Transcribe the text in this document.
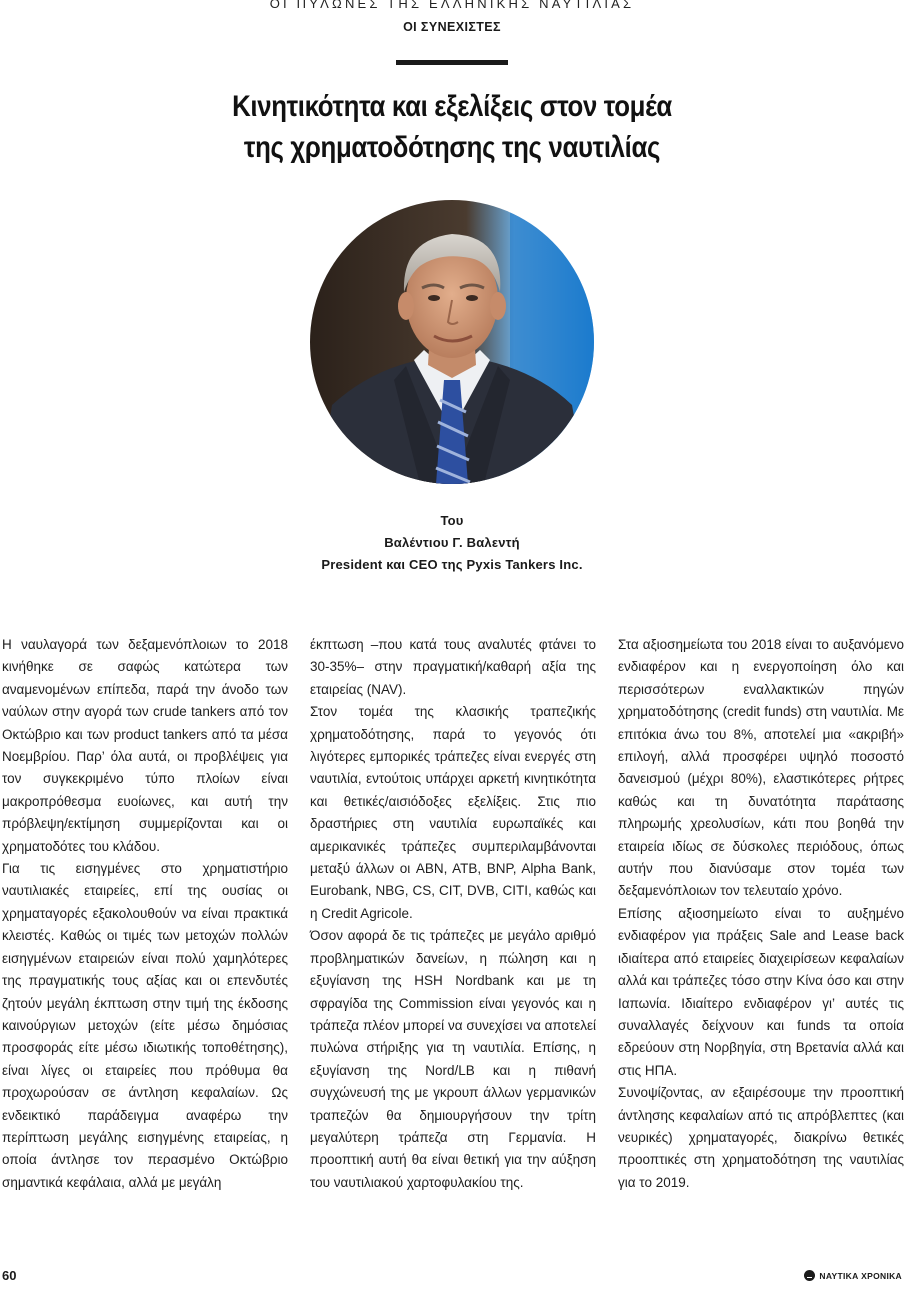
ΟΙ ΠΥΛΩΝΕΣ ΤΗΣ ΕΛΛΗΝΙΚΗΣ ΝΑΥΤΙΛΙΑΣ
ΟΙ ΣΥΝΕΧΙΣΤΕΣ
Κινητικότητα και εξελίξεις στον τομέα
της χρηματοδότησης της ναυτιλίας
Του
Βαλέντιου Γ. Βαλεντή
President και CEO της Pyxis Tankers Inc.

Η ναυλαγορά των δεξαμενόπλοιων το 2018 κινήθηκε σε σαφώς κατώτερα των αναμενομένων επίπεδα, παρά την άνοδο των ναύλων στην αγορά των crude tankers από τον Οκτώβριο και των product tankers από τα μέσα Νοεμβρίου. Παρ’ όλα αυτά, οι προβλέψεις για τον συγκεκριμένο τύπο πλοίων είναι μακροπρόθεσμα ευοίωνες, και αυτή την πρόβλεψη/εκτίμηση συμμερίζονται και οι χρηματοδότες του κλάδου.

Για τις εισηγμένες στο χρηματιστήριο ναυτιλιακές εταιρείες, επί της ουσίας οι χρηματαγορές εξακολουθούν να είναι πρακτικά κλειστές. Καθώς οι τιμές των μετοχών πολλών εισηγμένων εταιρειών είναι πολύ χαμηλότερες της πραγματικής τους αξίας και οι επενδυτές ζητούν μεγάλη έκπτωση στην τιμή της έκδοσης καινούργιων μετοχών (είτε μέσω δημόσιας προσφοράς είτε μέσω ιδιωτικής τοποθέτησης), είναι λίγες οι εταιρείες που πρόθυμα θα προχωρούσαν σε άντληση κεφαλαίων. Ως ενδεικτικό παράδειγμα αναφέρω την περίπτωση μεγάλης εισηγμένης εταιρείας, η οποία άντλησε τον περασμένο Οκτώβριο σημαντικά κεφάλαια, αλλά με μεγάλη

έκπτωση –που κατά τους αναλυτές φτάνει το 30-35%– στην πραγματική/καθαρή αξία της εταιρείας (NAV).

Στον τομέα της κλασικής τραπεζικής χρηματοδότησης, παρά το γεγονός ότι λιγότερες εμπορικές τράπεζες είναι ενεργές στη ναυτιλία, εντούτοις υπάρχει αρκετή κινητικότητα και θετικές/αισιόδοξες εξελίξεις. Στις πιο δραστήριες στη ναυτιλία ευρωπαϊκές και αμερικανικές τράπεζες συμπεριλαμβάνονται μεταξύ άλλων οι ABN, ATB, BNP, Alpha Bank, Eurobank, NBG, CS, CIT, DVB, CITI, καθώς και η Credit Agricole.

Όσον αφορά δε τις τράπεζες με μεγάλο αριθμό προβληματικών δανείων, η πώληση και η εξυγίανση της HSH Nordbank και με τη σφραγίδα της Commission είναι γεγονός και η τράπεζα πλέον μπορεί να συνεχίσει να αποτελεί πυλώνα στήριξης για τη ναυτιλία. Επίσης, η εξυγίανση της Nord/LB και η πιθανή συγχώνευσή της με γκρουπ άλλων γερμανικών τραπεζών θα δημιουργήσουν την τρίτη μεγαλύτερη τράπεζα στη Γερμανία. Η προοπτική αυτή θα είναι θετική για την αύξηση του ναυτιλιακού χαρτοφυλακίου της.

Στα αξιοσημείωτα του 2018 είναι το αυξανόμενο ενδιαφέρον και η ενεργοποίηση όλο και περισσότερων εναλλακτικών πηγών χρηματοδότησης (credit funds) στη ναυτιλία. Με επιτόκια άνω του 8%, αποτελεί μια «ακριβή» επιλογή, αλλά προσφέρει υψηλό ποσοστό δανεισμού (μέχρι 80%), ελαστικότερες ρήτρες καθώς και τη δυνατότητα παράτασης πληρωμής χρεολυσίων, κάτι που βοηθά την εταιρεία ιδίως σε δύσκολες περιόδους, όπως αυτήν που διανύσαμε στον τομέα των δεξαμενόπλοιων τον τελευταίο χρόνο.

Επίσης αξιοσημείωτο είναι το αυξημένο ενδιαφέρον για πράξεις Sale and Lease back ιδιαίτερα από εταιρείες διαχειρίσεων κεφαλαίων αλλά και τράπεζες τόσο στην Κίνα όσο και στην Ιαπωνία. Ιδιαίτερο ενδιαφέρον γι’ αυτές τις συναλλαγές δείχνουν και funds τα οποία εδρεύουν στη Νορβηγία, στη Βρετανία αλλά και στις ΗΠΑ.

Συνοψίζοντας, αν εξαιρέσουμε την προοπτική άντλησης κεφαλαίων από τις απρόβλεπτες (και νευρικές) χρηματαγορές, διακρίνω θετικές προοπτικές στη χρηματοδότηση της ναυτιλίας για το 2019.

60	ΝΑΥΤΙΚΑ ΧΡΟΝΙΚΑ
